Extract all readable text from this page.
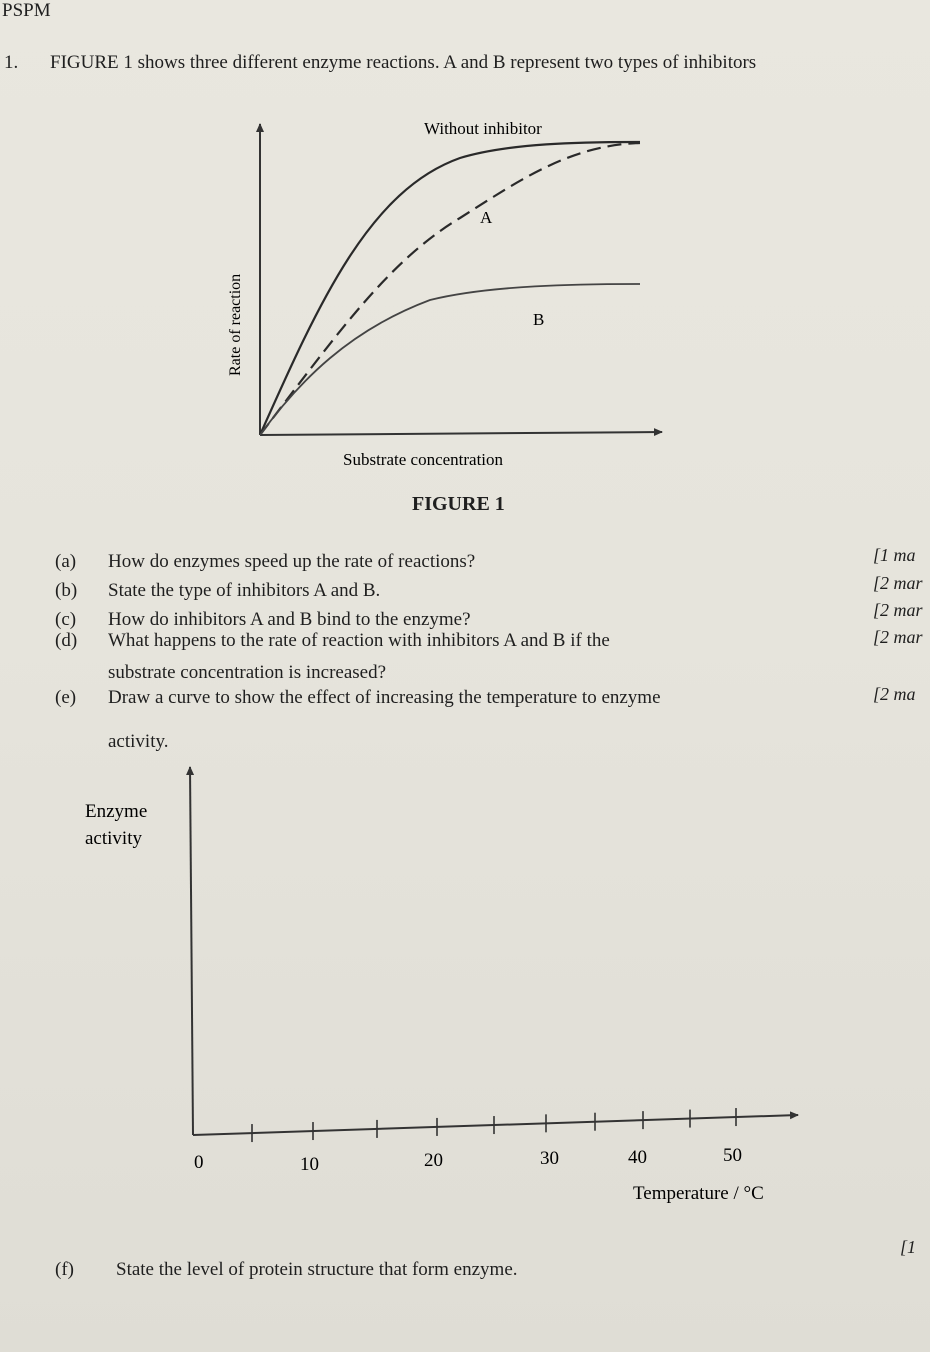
PSPM
1. FIGURE 1 shows three different enzyme reactions. A and B represent two types of inhibitors
Without inhibitor
A
B
Rate of reaction
Substrate concentration
FIGURE 1
(a) How do enzymes speed up the rate of reactions?	[1 ma
(b) State the type of inhibitors A and B.	[2 mar
(c) How do inhibitors A and B bind to the enzyme?	[2 mar
(d) What happens to the rate of reaction with inhibitors A and B if the
substrate concentration is increased?
[2 mar
(e) Draw a curve to show the effect of increasing the temperature to enzyme
activity.
[2 ma
Enzyme
activity
0	10	20	30	40	50
Temperature / °C
(f) State the level of protein structure that form enzyme.
[1
